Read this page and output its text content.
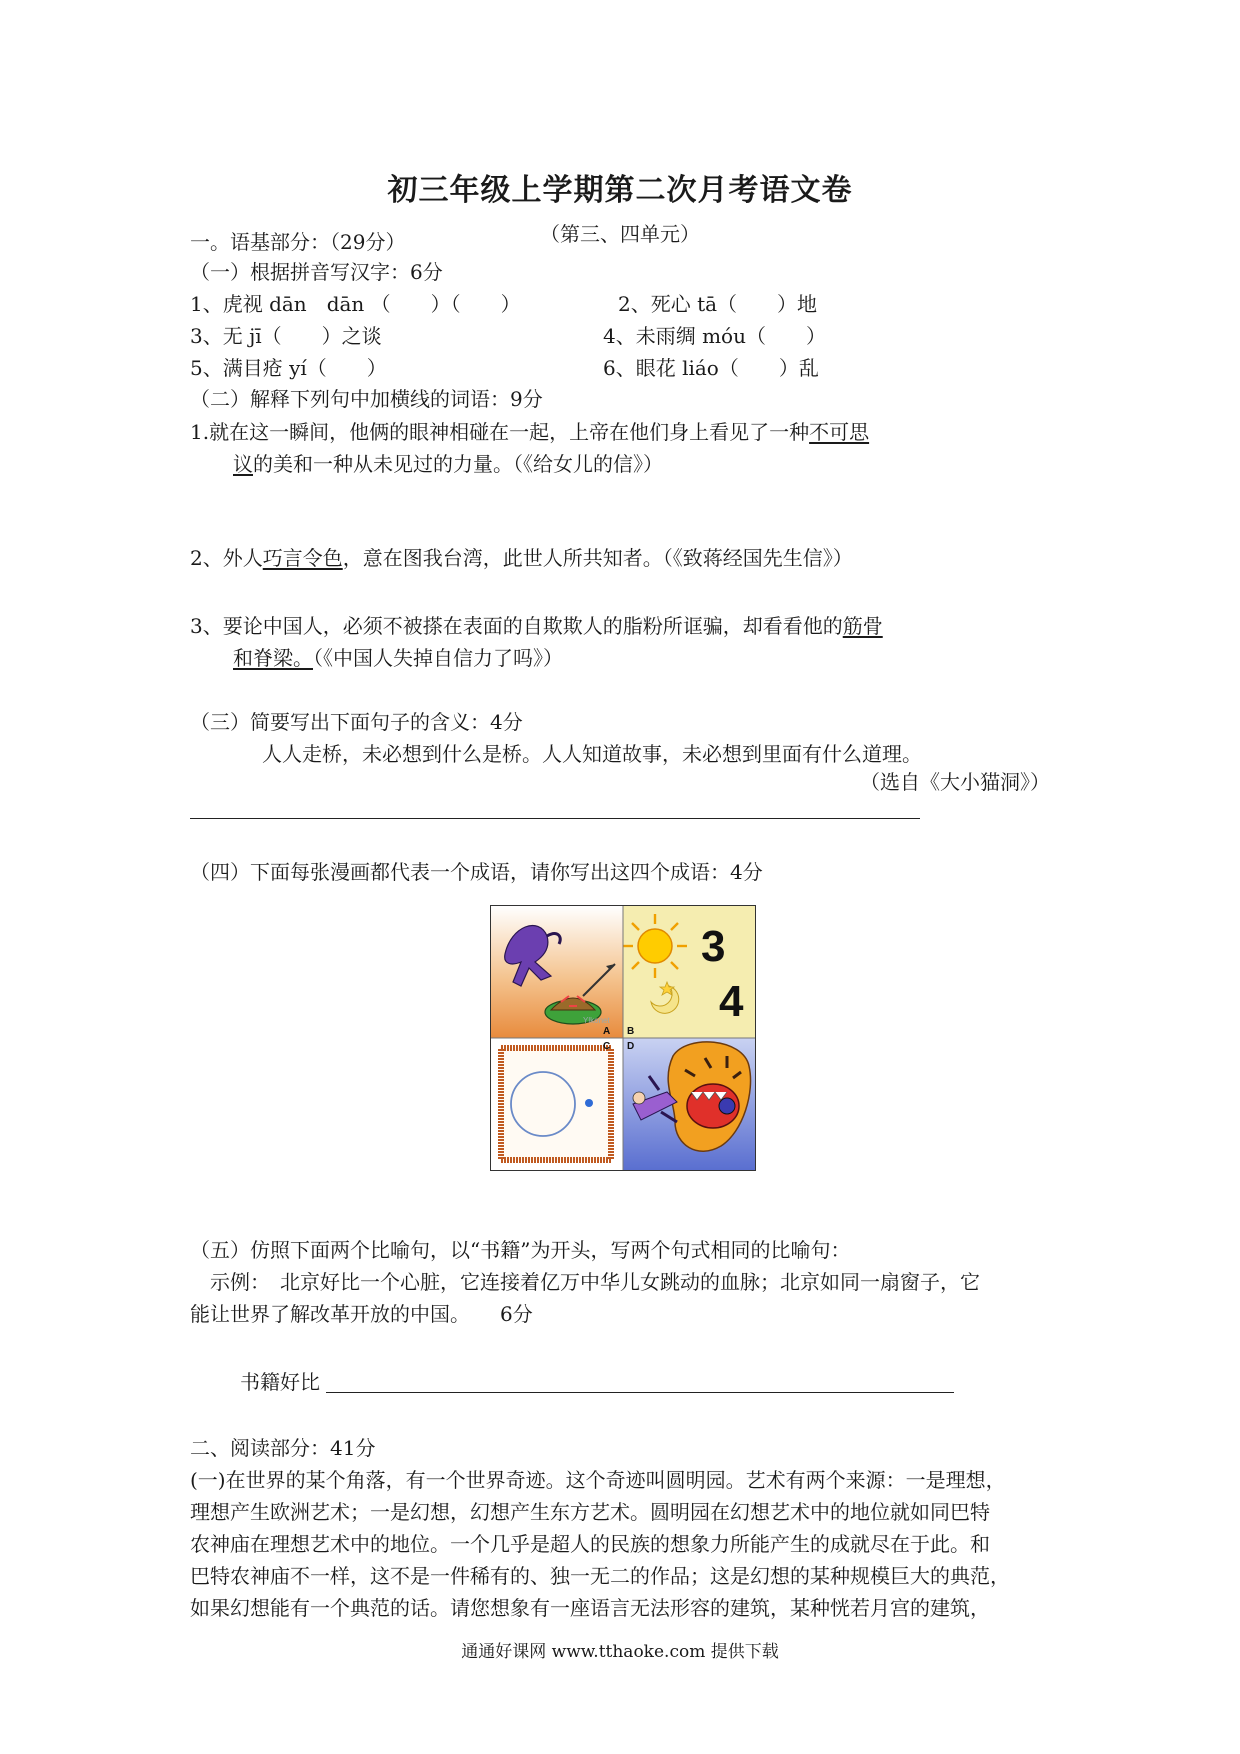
初三年级上学期第二次月考语文卷
（第三、四单元）
一。语基部分：（29分）
（一）根据拼音写汉字：6分
1、虎视 dān　dān （　　）（　　）	2、死心 tā（　　）地
3、无 jī（　　）之谈	4、未雨绸 móu（　　）
5、满目疮 yí（　　）	6、眼花 liáo（　　）乱
（二）解释下列句中加横线的词语：9分
1.就在这一瞬间，他俩的眼神相碰在一起，上帝在他们身上看见了一种不可思
议的美和一种从未见过的力量。（《给女儿的信》）
2、外人巧言令色，意在图我台湾，此世人所共知者。（《致蒋经国先生信》）
3、要论中国人，必须不被搽在表面的自欺欺人的脂粉所诓骗，却看看他的筋骨
和脊梁。（《中国人失掉自信力了吗》）
（三）简要写出下面句子的含义：4分
人人走桥，未必想到什么是桥。人人知道故事，未必想到里面有什么道理。
（选自《大小猫洞》）
（四）下面每张漫画都代表一个成语，请你写出这四个成语：4分
3
4
A B
C D
Ylkonet
（五）仿照下面两个比喻句，以“书籍”为开头，写两个句式相同的比喻句：
示例：　北京好比一个心脏，它连接着亿万中华儿女跳动的血脉；北京如同一扇窗子，它
能让世界了解改革开放的中国。　　6分
书籍好比
二、阅读部分：41分
(一)在世界的某个角落，有一个世界奇迹。这个奇迹叫圆明园。艺术有两个来源：一是理想，
理想产生欧洲艺术；一是幻想，幻想产生东方艺术。圆明园在幻想艺术中的地位就如同巴特
农神庙在理想艺术中的地位。一个几乎是超人的民族的想象力所能产生的成就尽在于此。和
巴特农神庙不一样，这不是一件稀有的、独一无二的作品；这是幻想的某种规模巨大的典范，
如果幻想能有一个典范的话。请您想象有一座语言无法形容的建筑，某种恍若月宫的建筑，
通通好课网 www.tthaoke.com 提供下载
